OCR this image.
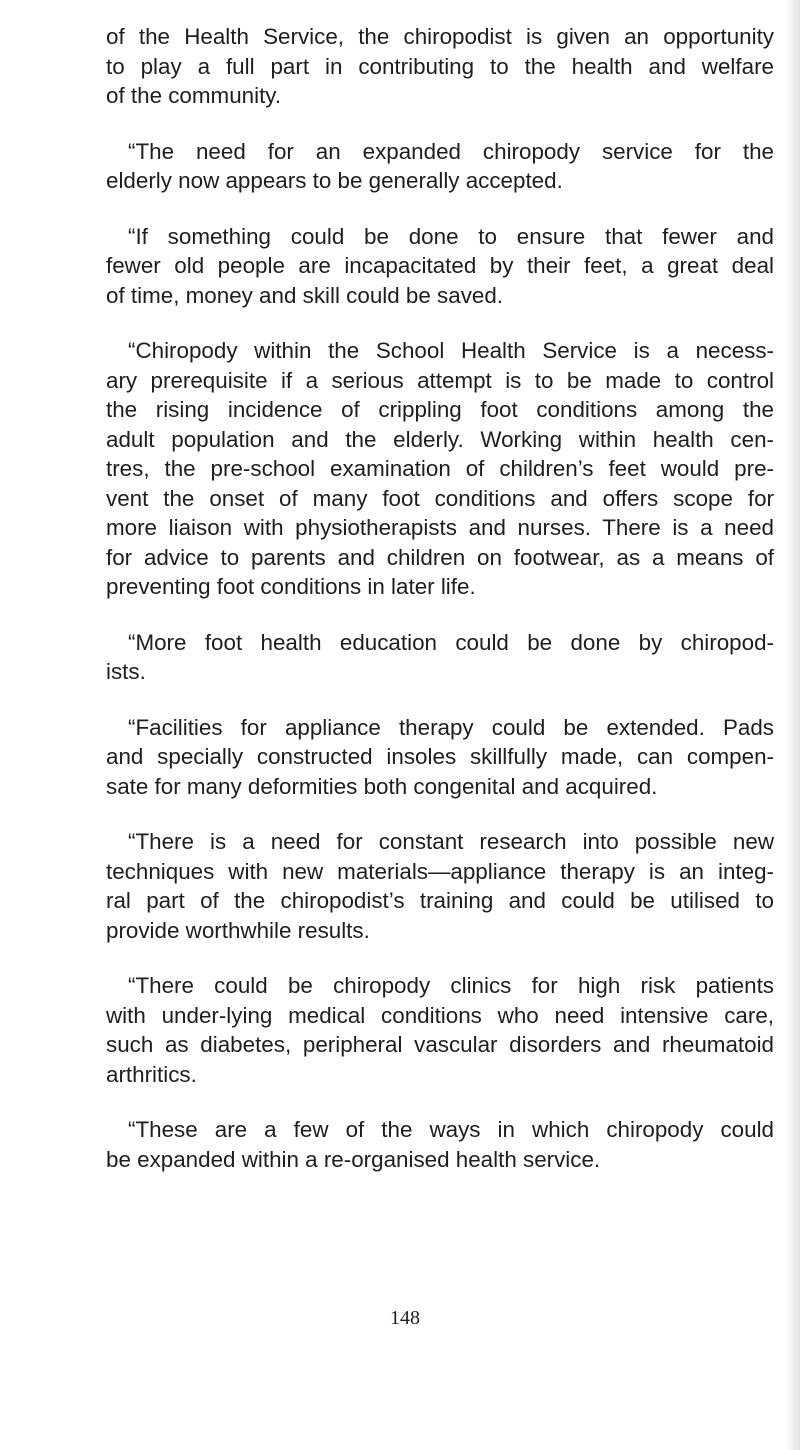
of the Health Service, the chiropodist is given an opportunity
to play a full part in contributing to the health and welfare
of the community.
“The need for an expanded chiropody service for the
elderly now appears to be generally accepted.
“If something could be done to ensure that fewer and
fewer old people are incapacitated by their feet, a great deal
of time, money and skill could be saved.
“Chiropody within the School Health Service is a necess-
ary prerequisite if a serious attempt is to be made to control
the rising incidence of crippling foot conditions among the
adult population and the elderly. Working within health cen-
tres, the pre-school examination of children’s feet would pre-
vent the onset of many foot conditions and offers scope for
more liaison with physiotherapists and nurses. There is a need
for advice to parents and children on footwear, as a means of
preventing foot conditions in later life.
“More foot health education could be done by chiropod-
ists.
“Facilities for appliance therapy could be extended. Pads
and specially constructed insoles skillfully made, can compen-
sate for many deformities both congenital and acquired.
“There is a need for constant research into possible new
techniques with new materials—appliance therapy is an integ-
ral part of the chiropodist’s training and could be utilised to
provide worthwhile results.
“There could be chiropody clinics for high risk patients
with under-lying medical conditions who need intensive care,
such as diabetes, peripheral vascular disorders and rheumatoid
arthritics.
“These are a few of the ways in which chiropody could
be expanded within a re-organised health service.
148
